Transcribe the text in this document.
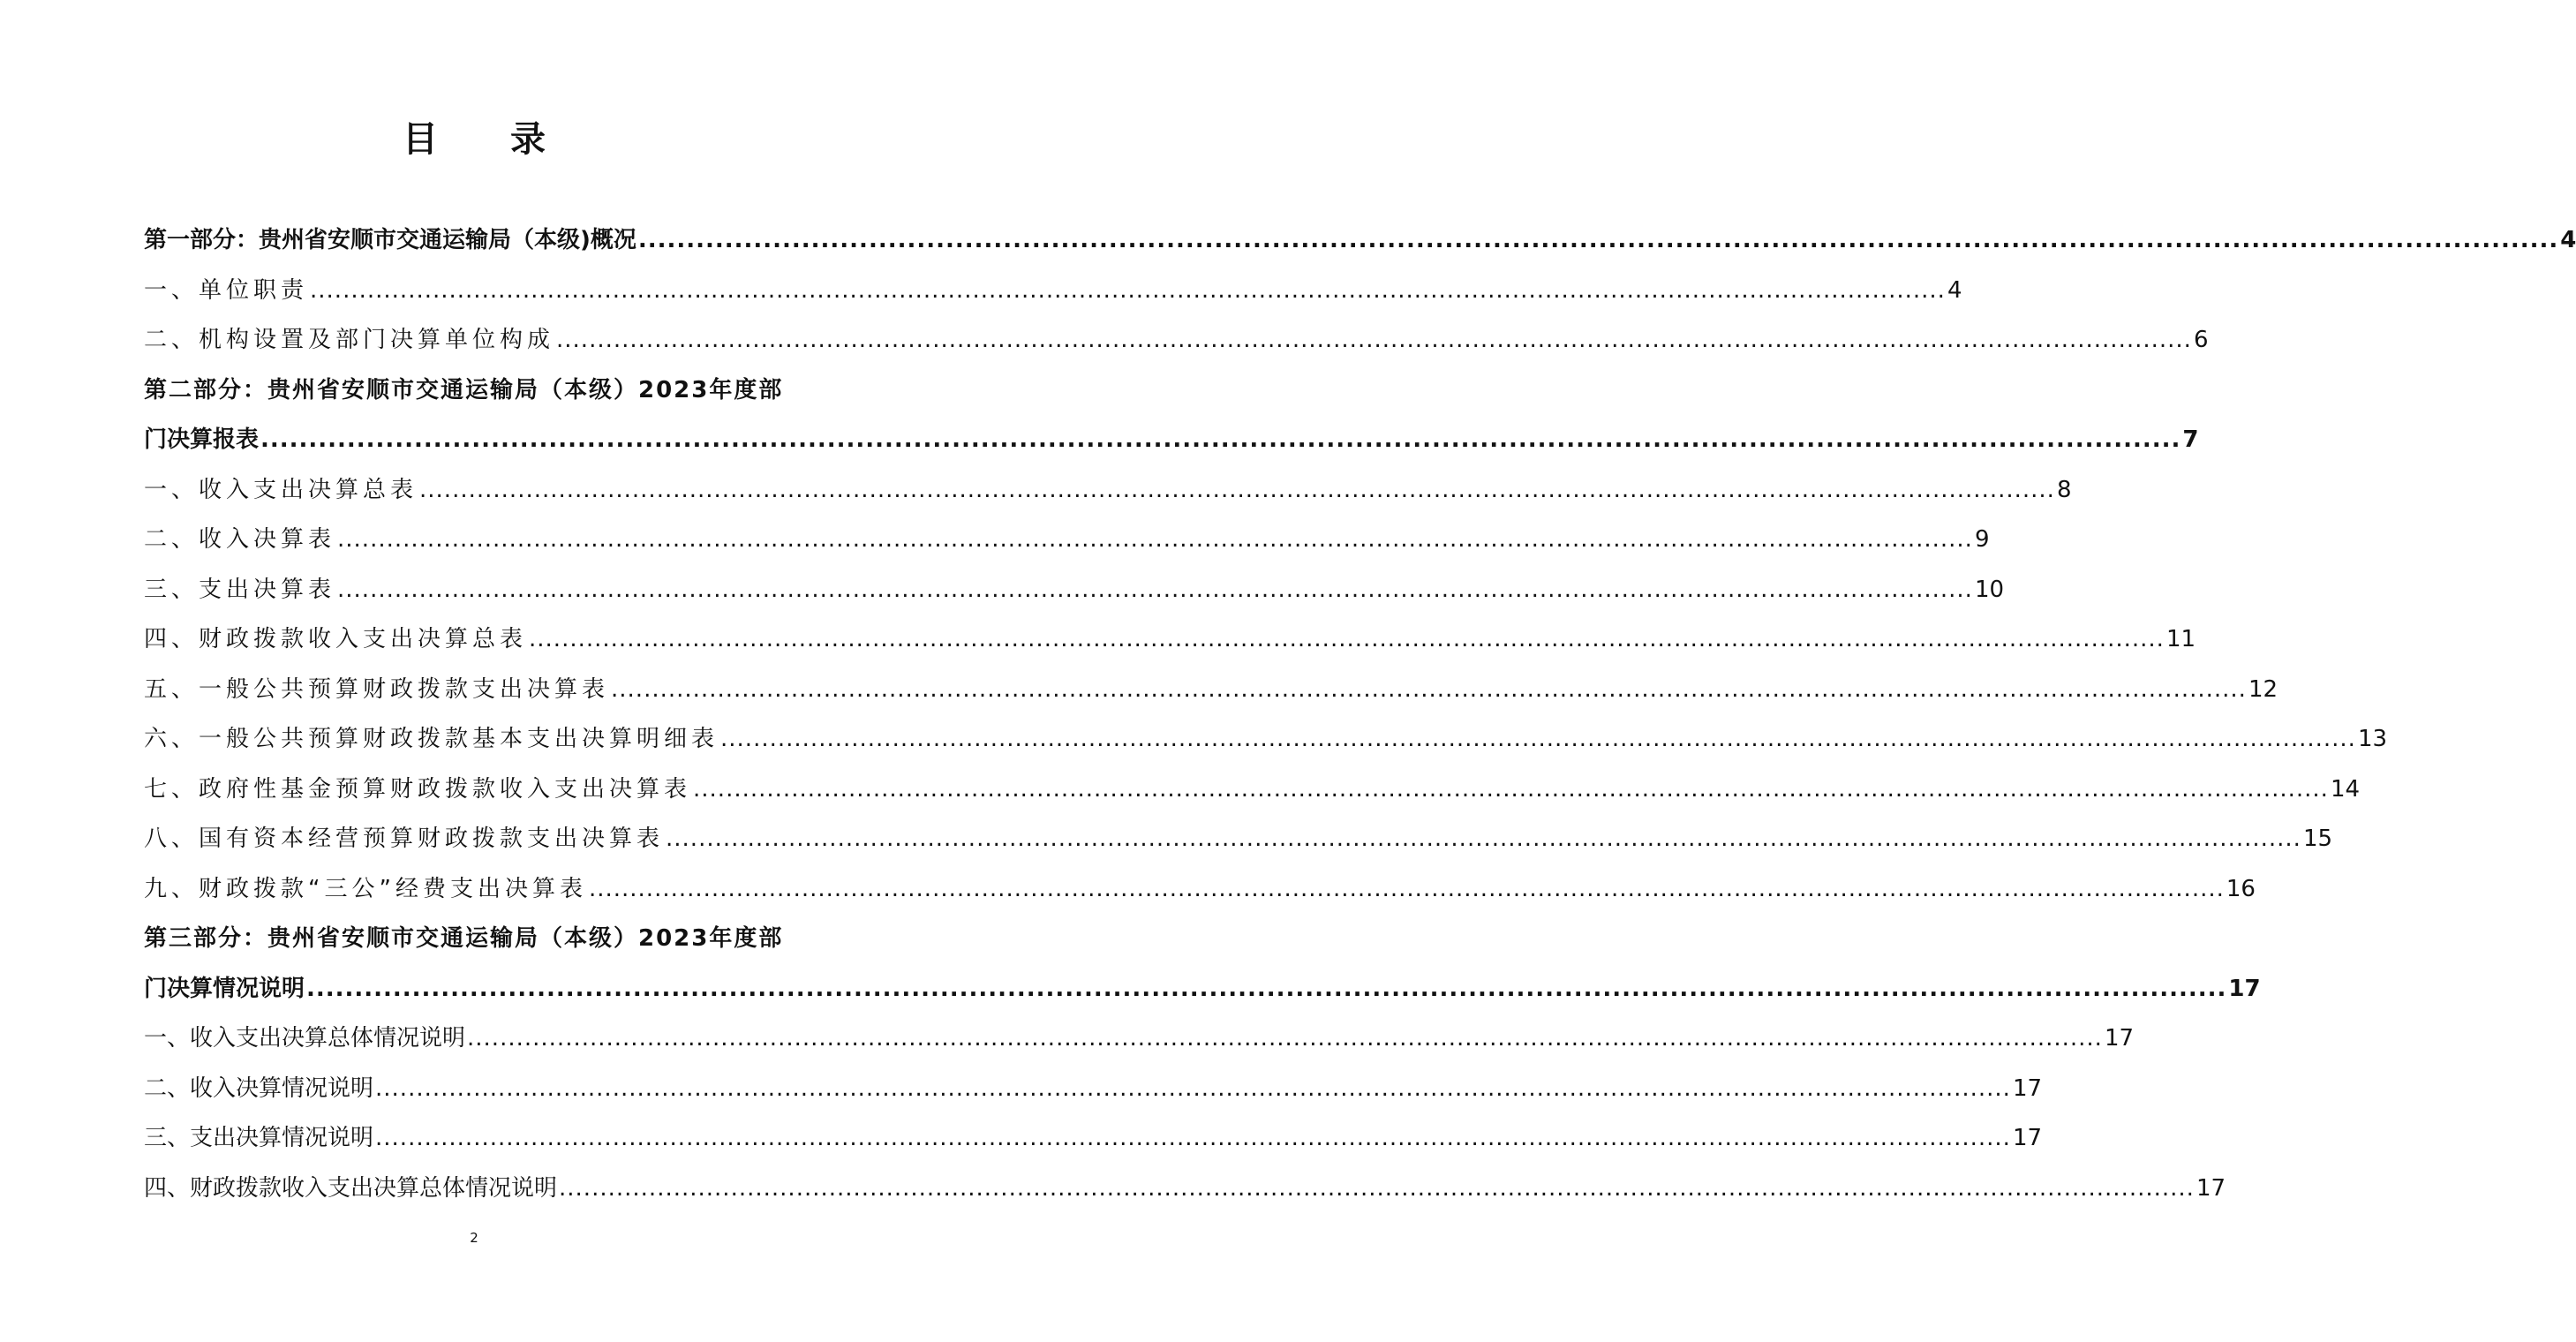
目 录
第一部分：贵州省安顺市交通运输局（本级)概况 ........................................................................................................................................................................................................ 4
一、单位职责 ........................................................................................................................................................................................................ 4
二、机构设置及部门决算单位构成 ........................................................................................................................................................................................................ 6
第二部分：贵州省安顺市交通运输局（本级）2023年度部
门决算报表 ........................................................................................................................................................................................................ 7
一、收入支出决算总表 ........................................................................................................................................................................................................ 8
二、收入决算表 ........................................................................................................................................................................................................ 9
三、支出决算表 ........................................................................................................................................................................................................ 10
四、财政拨款收入支出决算总表 ........................................................................................................................................................................................................ 11
五、一般公共预算财政拨款支出决算表 ........................................................................................................................................................................................................ 12
六、一般公共预算财政拨款基本支出决算明细表 ........................................................................................................................................................................................................ 13
七、政府性基金预算财政拨款收入支出决算表 ........................................................................................................................................................................................................ 14
八、国有资本经营预算财政拨款支出决算表 ........................................................................................................................................................................................................ 15
九、财政拨款“三公”经费支出决算表 ........................................................................................................................................................................................................ 16
第三部分：贵州省安顺市交通运输局（本级）2023年度部
门决算情况说明 ........................................................................................................................................................................................................ 17
一、收入支出决算总体情况说明 ........................................................................................................................................................................................................ 17
二、收入决算情况说明 ........................................................................................................................................................................................................ 17
三、支出决算情况说明 ........................................................................................................................................................................................................ 17
四、财政拨款收入支出决算总体情况说明 ........................................................................................................................................................................................................ 17
2
